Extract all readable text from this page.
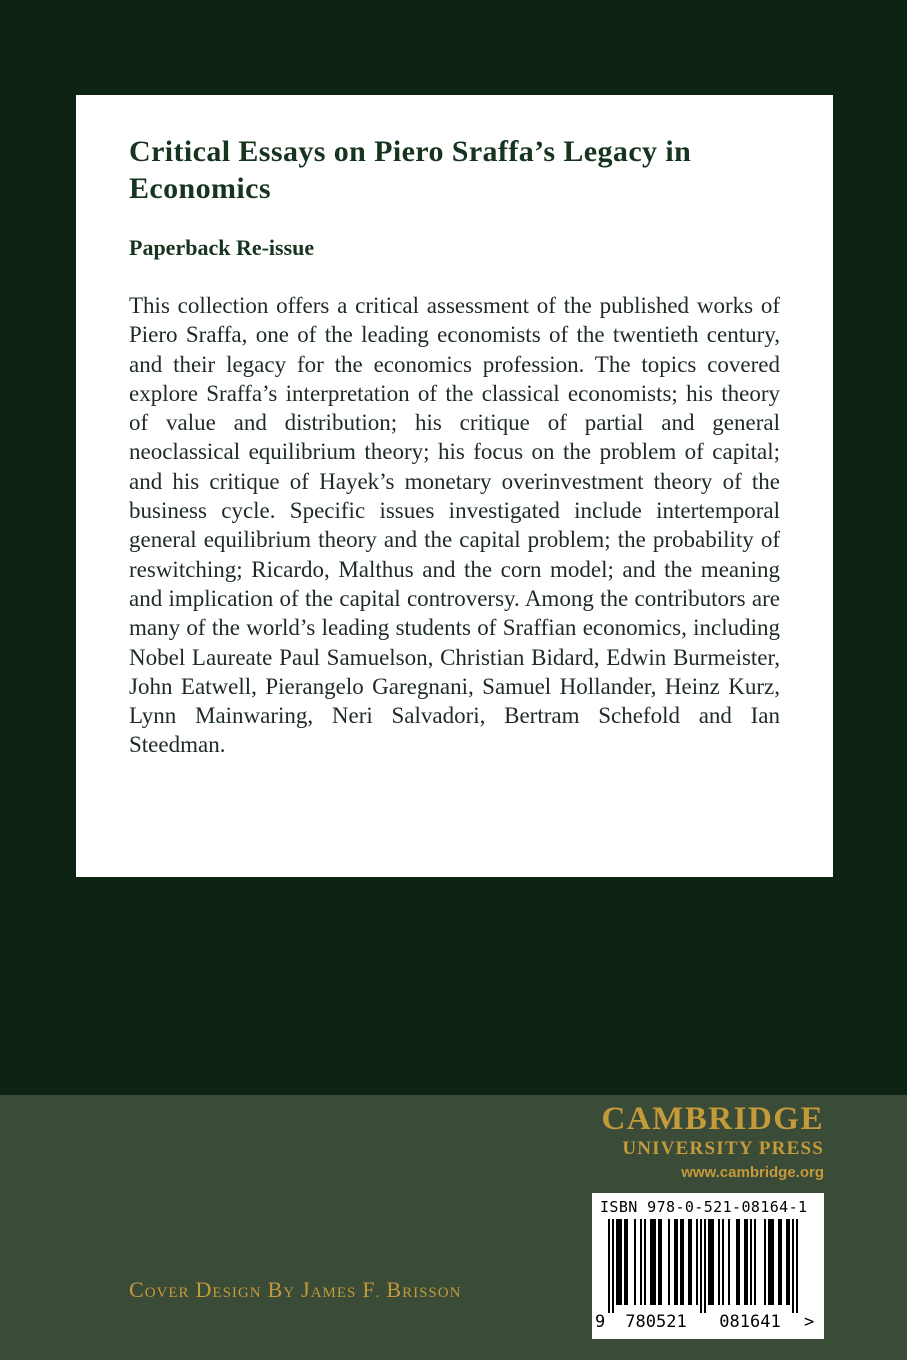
Critical Essays on Piero Sraffa’s Legacy in Economics
Paperback Re-issue

This collection offers a critical assessment of the published works of Piero Sraffa, one of the leading economists of the twentieth century, and their legacy for the economics profession. The topics covered explore Sraffa’s interpretation of the classical economists; his theory of value and distribution; his critique of partial and general neoclassical equilibrium theory; his focus on the problem of capital; and his critique of Hayek’s monetary overinvestment theory of the business cycle. Specific issues investigated include intertemporal general equilibrium theory and the capital problem; the probability of reswitching; Ricardo, Malthus and the corn model; and the meaning and implication of the capital controversy. Among the contributors are many of the world’s leading students of Sraffian economics, including Nobel Laureate Paul Samuelson, Christian Bidard, Edwin Burmeister, John Eatwell, Pierangelo Garegnani, Samuel Hollander, Heinz Kurz, Lynn Mainwaring, Neri Salvadori, Bertram Schefold and Ian Steedman.

CAMBRIDGE
UNIVERSITY PRESS
www.cambridge.org
COVER DESIGN BY JAMES F. BRISSON
ISBN 978-0-521-08164-1
9 780521 081641 >
